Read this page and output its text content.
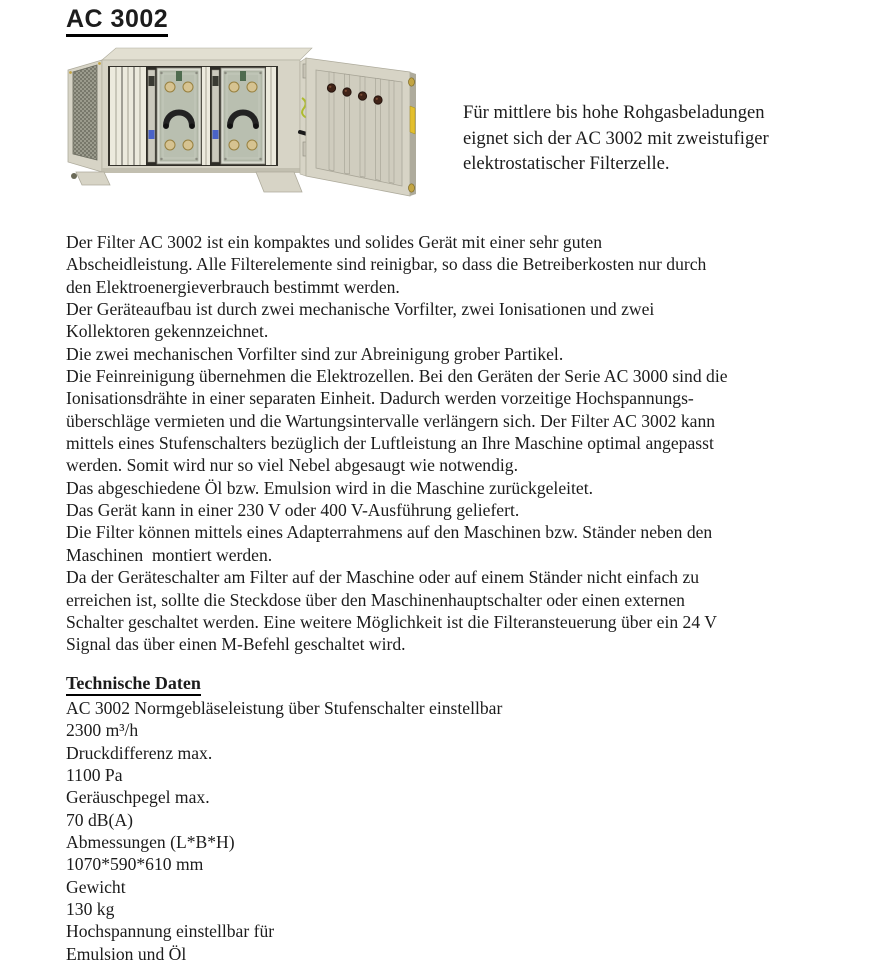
AC 3002
Für mittlere bis hohe Rohgasbeladungen
eignet sich der AC 3002 mit zweistufiger
elektrostatischer Filterzelle.
Der Filter AC 3002 ist ein kompaktes und solides Gerät mit einer sehr guten
Abscheidleistung. Alle Filterelemente sind reinigbar, so dass die Betreiberkosten nur durch
den Elektroenergieverbrauch bestimmt werden.
Der Geräteaufbau ist durch zwei mechanische Vorfilter, zwei Ionisationen und zwei
Kollektoren gekennzeichnet.
Die zwei mechanischen Vorfilter sind zur Abreinigung grober Partikel.
Die Feinreinigung übernehmen die Elektrozellen. Bei den Geräten der Serie AC 3000 sind die
Ionisationsdrähte in einer separaten Einheit. Dadurch werden vorzeitige Hochspannungs-
überschläge vermieten und die Wartungsintervalle verlängern sich. Der Filter AC 3002 kann
mittels eines Stufenschalters bezüglich der Luftleistung an Ihre Maschine optimal angepasst
werden. Somit wird nur so viel Nebel abgesaugt wie notwendig.
Das abgeschiedene Öl bzw. Emulsion wird in die Maschine zurückgeleitet.
Das Gerät kann in einer 230 V oder 400 V-Ausführung geliefert.
Die Filter können mittels eines Adapterrahmens auf den Maschinen bzw. Ständer neben den
Maschinen  montiert werden.
Da der Geräteschalter am Filter auf der Maschine oder auf einem Ständer nicht einfach zu
erreichen ist, sollte die Steckdose über den Maschinenhauptschalter oder einen externen
Schalter geschaltet werden. Eine weitere Möglichkeit ist die Filteransteuerung über ein 24 V
Signal das über einen M-Befehl geschaltet wird.
Technische Daten
AC 3002 Normgebläseleistung über Stufenschalter einstellbar
2300 m³/h
Druckdifferenz max.
1100 Pa
Geräuschpegel max.
70 dB(A)
Abmessungen (L*B*H)
1070*590*610 mm
Gewicht
130 kg
Hochspannung einstellbar für
Emulsion und Öl
